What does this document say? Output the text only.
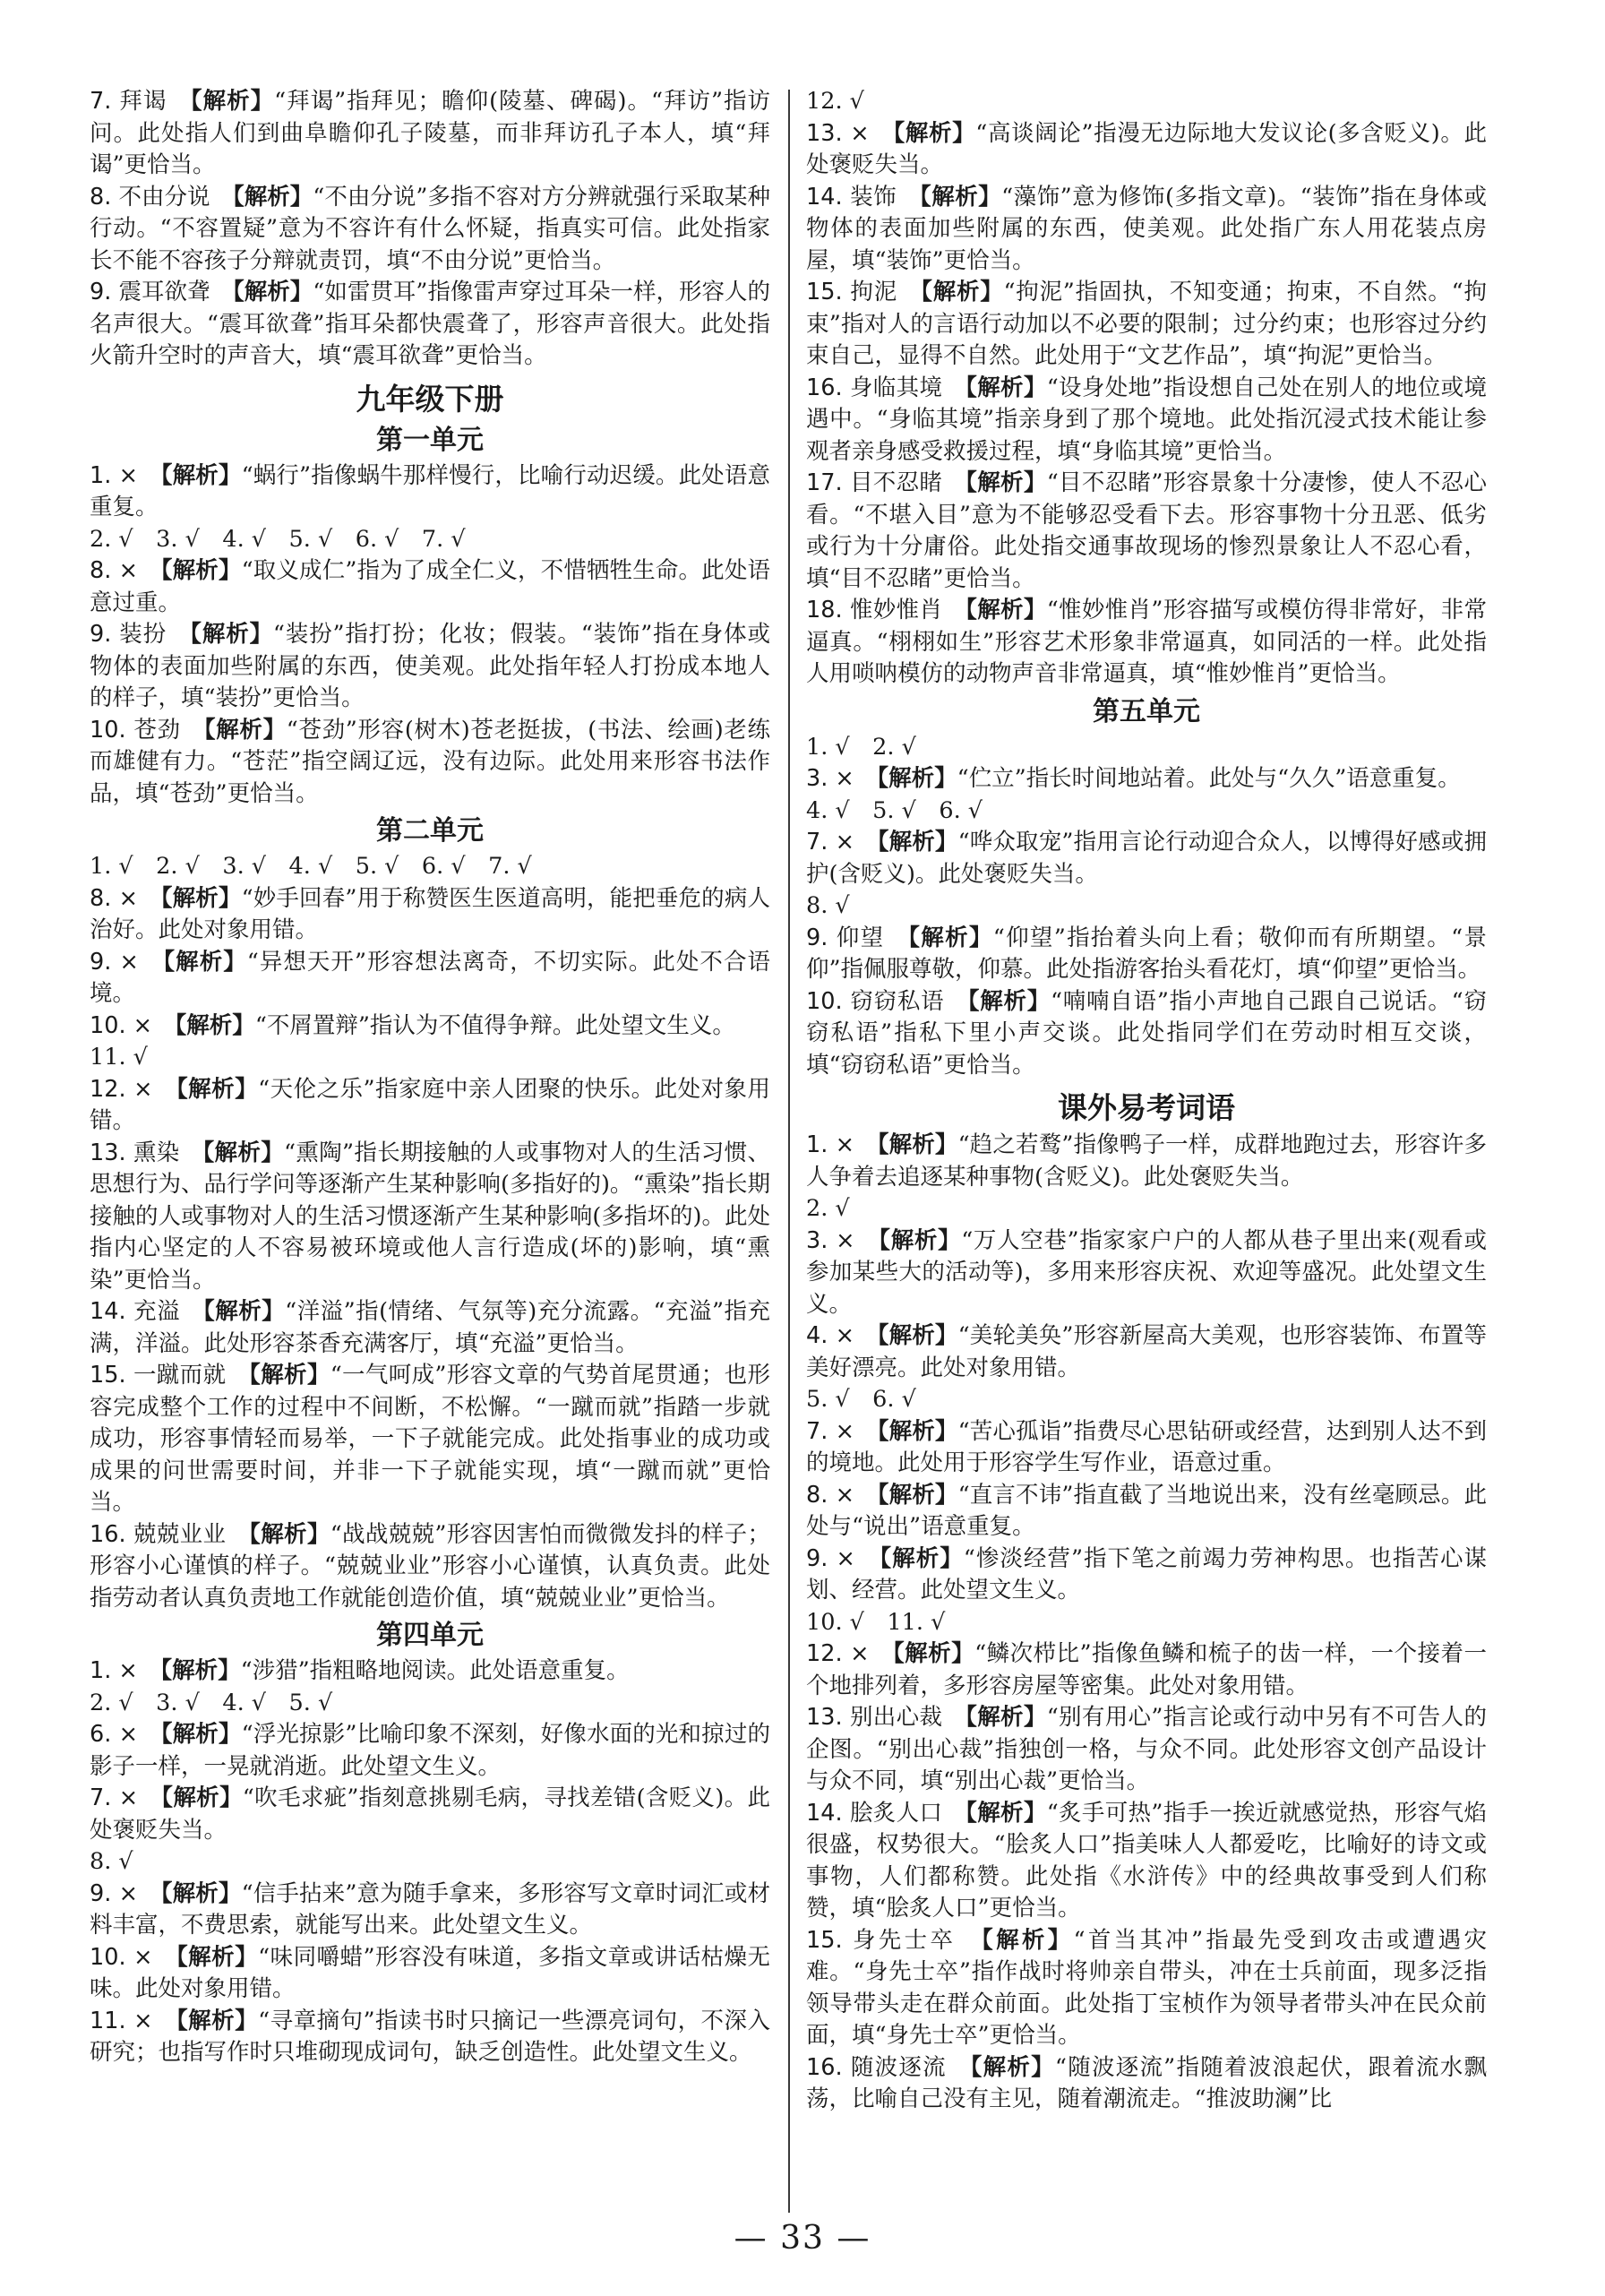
7. 拜谒　 【解析】“拜谒”指拜见；瞻仰(陵墓、碑碣)。“拜访”指访问。此处指人们到曲阜瞻仰孔子陵墓，而非拜访孔子本人，填“拜谒”更恰当。

8. 不由分说　 【解析】“不由分说”多指不容对方分辨就强行采取某种行动。“不容置疑”意为不容许有什么怀疑，指真实可信。此处指家长不能不容孩子分辩就责罚，填“不由分说”更恰当。

9. 震耳欲聋　 【解析】“如雷贯耳”指像雷声穿过耳朵一样，形容人的名声很大。“震耳欲聋”指耳朵都快震聋了，形容声音很大。此处指火箭升空时的声音大，填“震耳欲聋”更恰当。

九年级下册
第一单元

1. ×　 【解析】“蜗行”指像蜗牛那样慢行，比喻行动迟缓。此处语意重复。

2. √　3. √　4. √　5. √　6. √　7. √

8. ×　 【解析】“取义成仁”指为了成全仁义，不惜牺牲生命。此处语意过重。

9. 装扮　 【解析】“装扮”指打扮；化妆；假装。“装饰”指在身体或物体的表面加些附属的东西，使美观。此处指年轻人打扮成本地人的样子，填“装扮”更恰当。

10. 苍劲　 【解析】“苍劲”形容(树木)苍老挺拔，(书法、绘画)老练而雄健有力。“苍茫”指空阔辽远，没有边际。此处用来形容书法作品，填“苍劲”更恰当。

第二单元

1. √　2. √　3. √　4. √　5. √　6. √　7. √

8. ×　 【解析】“妙手回春”用于称赞医生医道高明，能把垂危的病人治好。此处对象用错。

9. ×　 【解析】“异想天开”形容想法离奇，不切实际。此处不合语境。

10. ×　 【解析】“不屑置辩”指认为不值得争辩。此处望文生义。

11. √

12. ×　 【解析】“天伦之乐”指家庭中亲人团聚的快乐。此处对象用错。

13. 熏染　 【解析】“熏陶”指长期接触的人或事物对人的生活习惯、思想行为、品行学问等逐渐产生某种影响(多指好的)。“熏染”指长期接触的人或事物对人的生活习惯逐渐产生某种影响(多指坏的)。此处指内心坚定的人不容易被环境或他人言行造成(坏的)影响，填“熏染”更恰当。

14. 充溢　 【解析】“洋溢”指(情绪、气氛等)充分流露。“充溢”指充满，洋溢。此处形容茶香充满客厅，填“充溢”更恰当。

15. 一蹴而就　 【解析】“一气呵成”形容文章的气势首尾贯通；也形容完成整个工作的过程中不间断，不松懈。“一蹴而就”指踏一步就成功，形容事情轻而易举，一下子就能完成。此处指事业的成功或成果的问世需要时间，并非一下子就能实现，填“一蹴而就”更恰当。

16. 兢兢业业　 【解析】“战战兢兢”形容因害怕而微微发抖的样子；形容小心谨慎的样子。“兢兢业业”形容小心谨慎，认真负责。此处指劳动者认真负责地工作就能创造价值，填“兢兢业业”更恰当。

第四单元

1. ×　 【解析】“涉猎”指粗略地阅读。此处语意重复。

2. √　3. √　4. √　5. √

6. ×　 【解析】“浮光掠影”比喻印象不深刻，好像水面的光和掠过的影子一样，一晃就消逝。此处望文生义。

7. ×　 【解析】“吹毛求疵”指刻意挑剔毛病，寻找差错(含贬义)。此处褒贬失当。

8. √

9. ×　 【解析】“信手拈来”意为随手拿来，多形容写文章时词汇或材料丰富，不费思索，就能写出来。此处望文生义。

10. ×　 【解析】“味同嚼蜡”形容没有味道，多指文章或讲话枯燥无味。此处对象用错。

11. ×　 【解析】“寻章摘句”指读书时只摘记一些漂亮词句，不深入研究；也指写作时只堆砌现成词句，缺乏创造性。此处望文生义。

12. √

13. ×　 【解析】“高谈阔论”指漫无边际地大发议论(多含贬义)。此处褒贬失当。

14. 装饰　 【解析】“藻饰”意为修饰(多指文章)。“装饰”指在身体或物体的表面加些附属的东西，使美观。此处指广东人用花装点房屋，填“装饰”更恰当。

15. 拘泥　 【解析】“拘泥”指固执，不知变通；拘束，不自然。“拘束”指对人的言语行动加以不必要的限制；过分约束；也形容过分约束自己，显得不自然。此处用于“文艺作品”，填“拘泥”更恰当。

16. 身临其境　 【解析】“设身处地”指设想自己处在别人的地位或境遇中。“身临其境”指亲身到了那个境地。此处指沉浸式技术能让参观者亲身感受救援过程，填“身临其境”更恰当。

17. 目不忍睹　 【解析】“目不忍睹”形容景象十分凄惨，使人不忍心看。“不堪入目”意为不能够忍受看下去。形容事物十分丑恶、低劣或行为十分庸俗。此处指交通事故现场的惨烈景象让人不忍心看，填“目不忍睹”更恰当。

18. 惟妙惟肖　 【解析】“惟妙惟肖”形容描写或模仿得非常好，非常逼真。“栩栩如生”形容艺术形象非常逼真，如同活的一样。此处指人用唢呐模仿的动物声音非常逼真，填“惟妙惟肖”更恰当。

第五单元

1. √　2. √

3. ×　 【解析】“伫立”指长时间地站着。此处与“久久”语意重复。

4. √　5. √　6. √

7. ×　 【解析】“哗众取宠”指用言论行动迎合众人，以博得好感或拥护(含贬义)。此处褒贬失当。

8. √

9. 仰望　 【解析】“仰望”指抬着头向上看；敬仰而有所期望。“景仰”指佩服尊敬，仰慕。此处指游客抬头看花灯，填“仰望”更恰当。

10. 窃窃私语　 【解析】“喃喃自语”指小声地自己跟自己说话。“窃窃私语”指私下里小声交谈。此处指同学们在劳动时相互交谈，填“窃窃私语”更恰当。

课外易考词语

1. ×　 【解析】“趋之若鹜”指像鸭子一样，成群地跑过去，形容许多人争着去追逐某种事物(含贬义)。此处褒贬失当。

2. √

3. ×　 【解析】“万人空巷”指家家户户的人都从巷子里出来(观看或参加某些大的活动等)，多用来形容庆祝、欢迎等盛况。此处望文生义。

4. ×　 【解析】“美轮美奂”形容新屋高大美观，也形容装饰、布置等美好漂亮。此处对象用错。

5. √　6. √

7. ×　 【解析】“苦心孤诣”指费尽心思钻研或经营，达到别人达不到的境地。此处用于形容学生写作业，语意过重。

8. ×　 【解析】“直言不讳”指直截了当地说出来，没有丝毫顾忌。此处与“说出”语意重复。

9. ×　 【解析】“惨淡经营”指下笔之前竭力劳神构思。也指苦心谋划、经营。此处望文生义。

10. √　11. √

12. ×　 【解析】“鳞次栉比”指像鱼鳞和梳子的齿一样，一个接着一个地排列着，多形容房屋等密集。此处对象用错。

13. 别出心裁　 【解析】“别有用心”指言论或行动中另有不可告人的企图。“别出心裁”指独创一格，与众不同。此处形容文创产品设计与众不同，填“别出心裁”更恰当。

14. 脍炙人口　 【解析】“炙手可热”指手一挨近就感觉热，形容气焰很盛，权势很大。“脍炙人口”指美味人人都爱吃，比喻好的诗文或事物，人们都称赞。此处指《水浒传》中的经典故事受到人们称赞，填“脍炙人口”更恰当。

15. 身先士卒　 【解析】“首当其冲”指最先受到攻击或遭遇灾难。“身先士卒”指作战时将帅亲自带头，冲在士兵前面，现多泛指领导带头走在群众前面。此处指丁宝桢作为领导者带头冲在民众前面，填“身先士卒”更恰当。

16. 随波逐流　 【解析】“随波逐流”指随着波浪起伏，跟着流水飘荡，比喻自己没有主见，随着潮流走。“推波助澜”比

— 33 —
